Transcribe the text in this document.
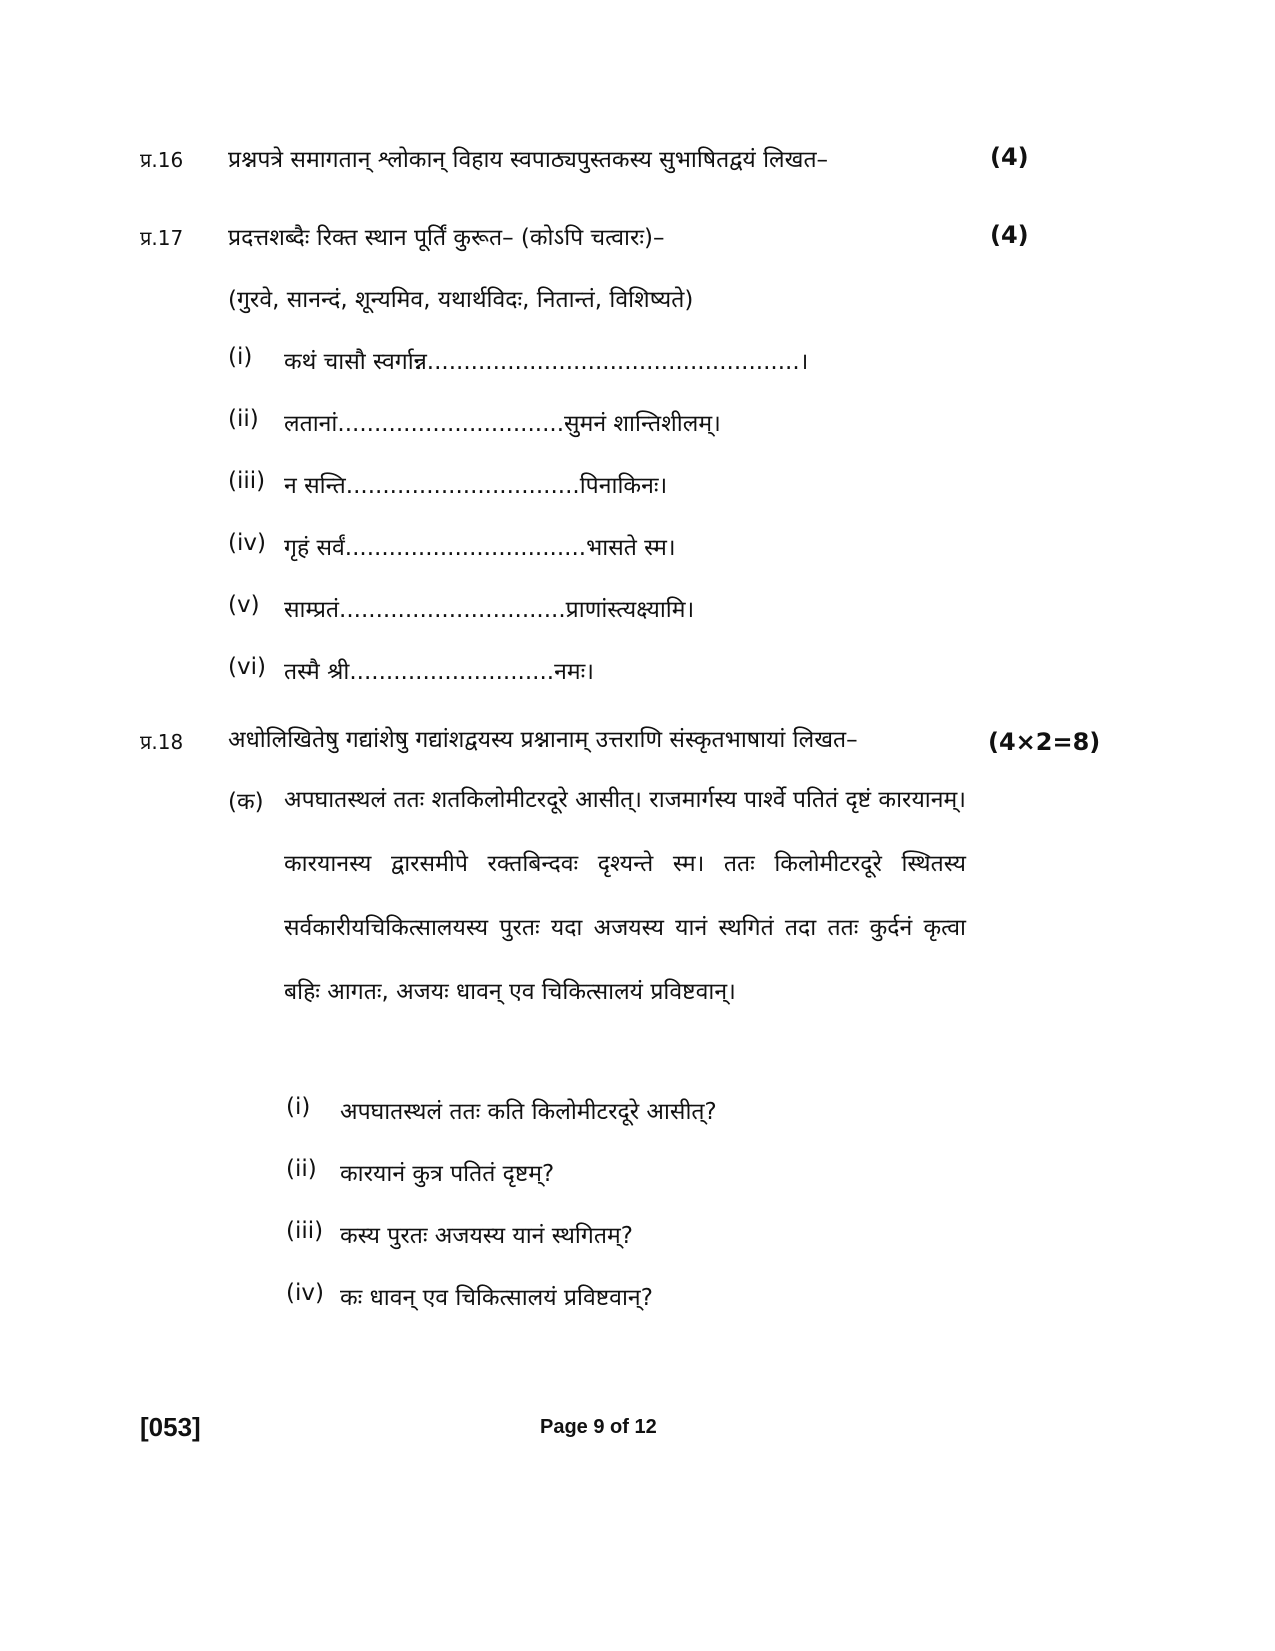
प्र.16 प्रश्नपत्रे समागतान् श्लोकान् विहाय स्वपाठ्यपुस्तकस्य सुभाषितद्वयं लिखत–	(4)
प्र.17 प्रदत्तशब्दैः रिक्त स्थान पूर्तिं कुरूत– (कोऽपि चत्वारः)–	(4)
(गुरवे, सानन्दं, शून्यमिव, यथार्थविदः, नितान्तं, विशिष्यते)
(i) कथं चासौ स्वर्गान्न...................................................।
(ii) लतानां...............................सुमनं शान्तिशीलम्।
(iii) न सन्ति................................पिनाकिनः।
(iv) गृहं सर्वं.................................भासते स्म।
(v) साम्प्रतं...............................प्राणांस्त्यक्ष्यामि।
(vi) तस्मै श्री............................नमः।
प्र.18 अधोलिखितेषु गद्यांशेषु गद्यांशद्वयस्य प्रश्नानाम् उत्तराणि संस्कृतभाषायां लिखत–	(4×2=8)
(क) अपघातस्थलं ततः शतकिलोमीटरदूरे आसीत्। राजमार्गस्य पार्श्वे पतितं दृष्टं कारयानम्। कारयानस्य द्वारसमीपे रक्तबिन्दवः दृश्यन्ते स्म। ततः किलोमीटरदूरे स्थितस्य सर्वकारीयचिकित्सालयस्य पुरतः यदा अजयस्य यानं स्थगितं तदा ततः कुर्दनं कृत्वा बहिः आगतः, अजयः धावन् एव चिकित्सालयं प्रविष्टवान्।
(i) अपघातस्थलं ततः कति किलोमीटरदूरे आसीत्?
(ii) कारयानं कुत्र पतितं दृष्टम्?
(iii) कस्य पुरतः अजयस्य यानं स्थगितम्?
(iv) कः धावन् एव चिकित्सालयं प्रविष्टवान्?
[053]	Page 9 of 12
